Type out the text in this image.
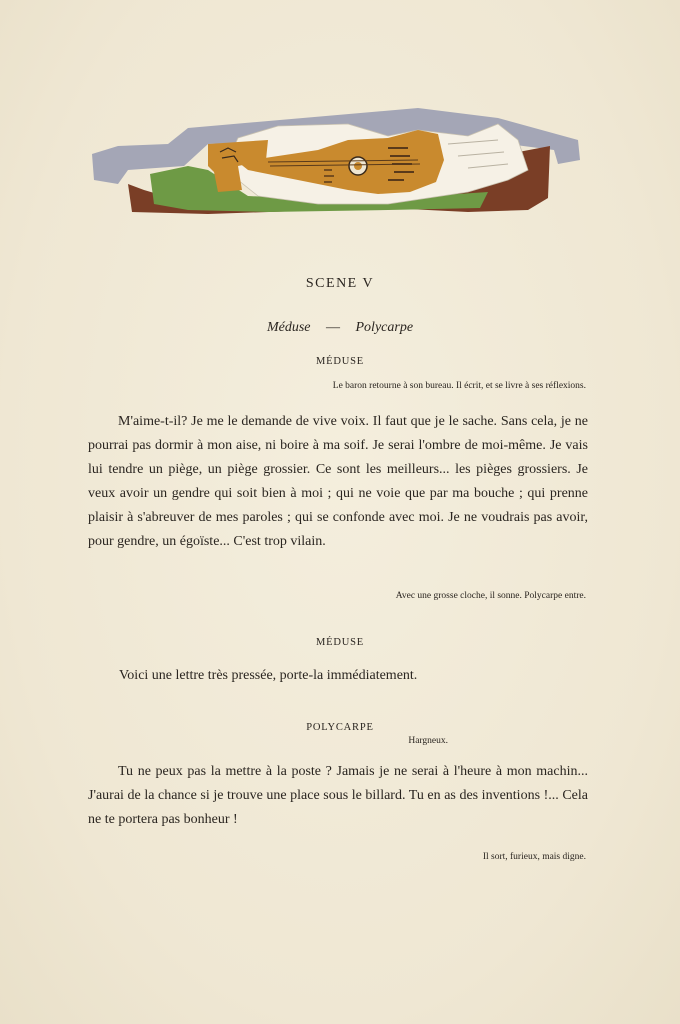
SCENE V
Méduse — Polycarpe
MÉDUSE
Le baron retourne à son bureau. Il écrit, et se livre à ses réflexions.

M'aime-t-il? Je me le demande de vive voix. Il faut que je le sache. Sans cela, je ne pourrai pas dormir à mon aise, ni boire à ma soif. Je serai l'ombre de moi-même. Je vais lui tendre un piège, un piège grossier. Ce sont les meilleurs... les pièges grossiers. Je veux avoir un gendre qui soit bien à moi ; qui ne voie que par ma bouche ; qui prenne plaisir à s'abreuver de mes paroles ; qui se confonde avec moi. Je ne voudrais pas avoir, pour gendre, un égoïste... C'est trop vilain.

Avec une grosse cloche, il sonne. Polycarpe entre.
MÉDUSE
Voici une lettre très pressée, porte-la immédiatement.
POLYCARPE
Hargneux.

Tu ne peux pas la mettre à la poste ? Jamais je ne serai à l'heure à mon machin... J'aurai de la chance si je trouve une place sous le billard. Tu en as des inventions !... Cela ne te portera pas bonheur !

Il sort, furieux, mais digne.
